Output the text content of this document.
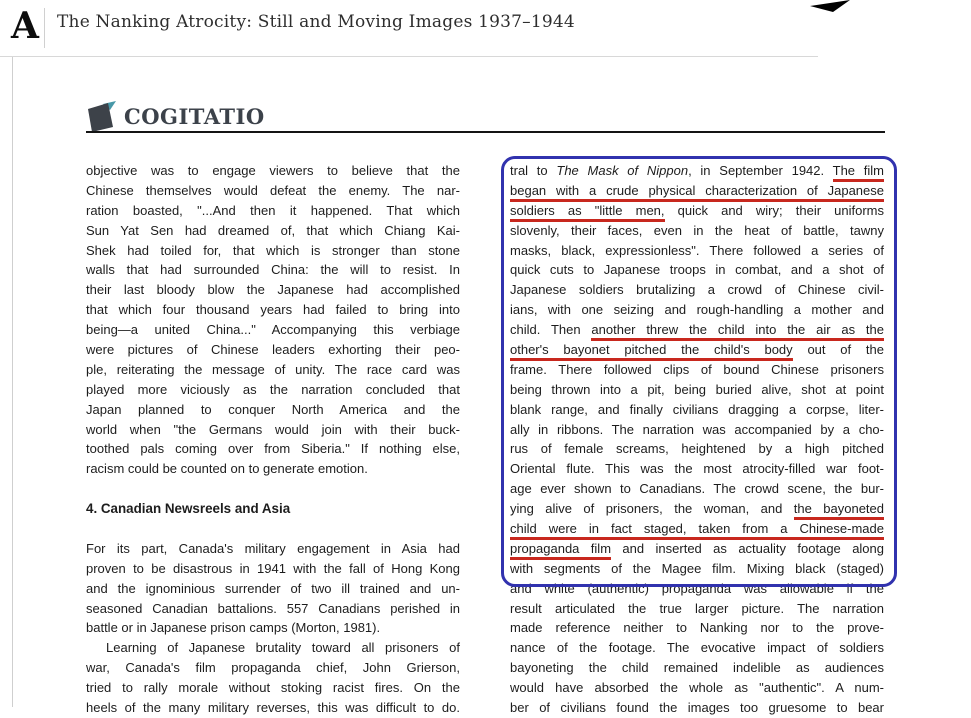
A	The Nanking Atrocity: Still and Moving Images 1937–1944
COGITATIO
objective was to engage viewers to believe that the
Chinese themselves would defeat the enemy. The nar-
ration boasted, "...And then it happened. That which
Sun Yat Sen had dreamed of, that which Chiang Kai-
Shek had toiled for, that which is stronger than stone
walls that had surrounded China: the will to resist. In
their last bloody blow the Japanese had accomplished
that which four thousand years had failed to bring into
being—a united China..." Accompanying this verbiage
were pictures of Chinese leaders exhorting their peo-
ple, reiterating the message of unity. The race card was
played more viciously as the narration concluded that
Japan planned to conquer North America and the
world when "the Germans would join with their buck-
toothed pals coming over from Siberia." If nothing else,
racism could be counted on to generate emotion.
4. Canadian Newsreels and Asia
For its part, Canada's military engagement in Asia had
proven to be disastrous in 1941 with the fall of Hong Kong
and the ignominious surrender of two ill trained and un-
seasoned Canadian battalions. 557 Canadians perished in
battle or in Japanese prison camps (Morton, 1981).
Learning of Japanese brutality toward all prisoners of
war, Canada's film propaganda chief, John Grierson,
tried to rally morale without stoking racist fires. On the
heels of the many military reverses, this was difficult to do.
tral to The Mask of Nippon, in September 1942. The film
began with a crude physical characterization of Japanese
soldiers as "little men, quick and wiry; their uniforms
slovenly, their faces, even in the heat of battle, tawny
masks, black, expressionless". There followed a series of
quick cuts to Japanese troops in combat, and a shot of
Japanese soldiers brutalizing a crowd of Chinese civil-
ians, with one seizing and rough-handling a mother and
child. Then another threw the child into the air as the
other's bayonet pitched the child's body out of the
frame. There followed clips of bound Chinese prisoners
being thrown into a pit, being buried alive, shot at point
blank range, and finally civilians dragging a corpse, liter-
ally in ribbons. The narration was accompanied by a cho-
rus of female screams, heightened by a high pitched
Oriental flute. This was the most atrocity-filled war foot-
age ever shown to Canadians. The crowd scene, the bur-
ying alive of prisoners, the woman, and the bayoneted
child were in fact staged, taken from a Chinese-made
propaganda film and inserted as actuality footage along
with segments of the Magee film. Mixing black (staged)
and white (authentic) propaganda was allowable if the
result articulated the true larger picture. The narration
made reference neither to Nanking nor to the prove-
nance of the footage. The evocative impact of soldiers
bayoneting the child remained indelible as audiences
would have absorbed the whole as "authentic". A num-
ber of civilians found the images too gruesome to bear
